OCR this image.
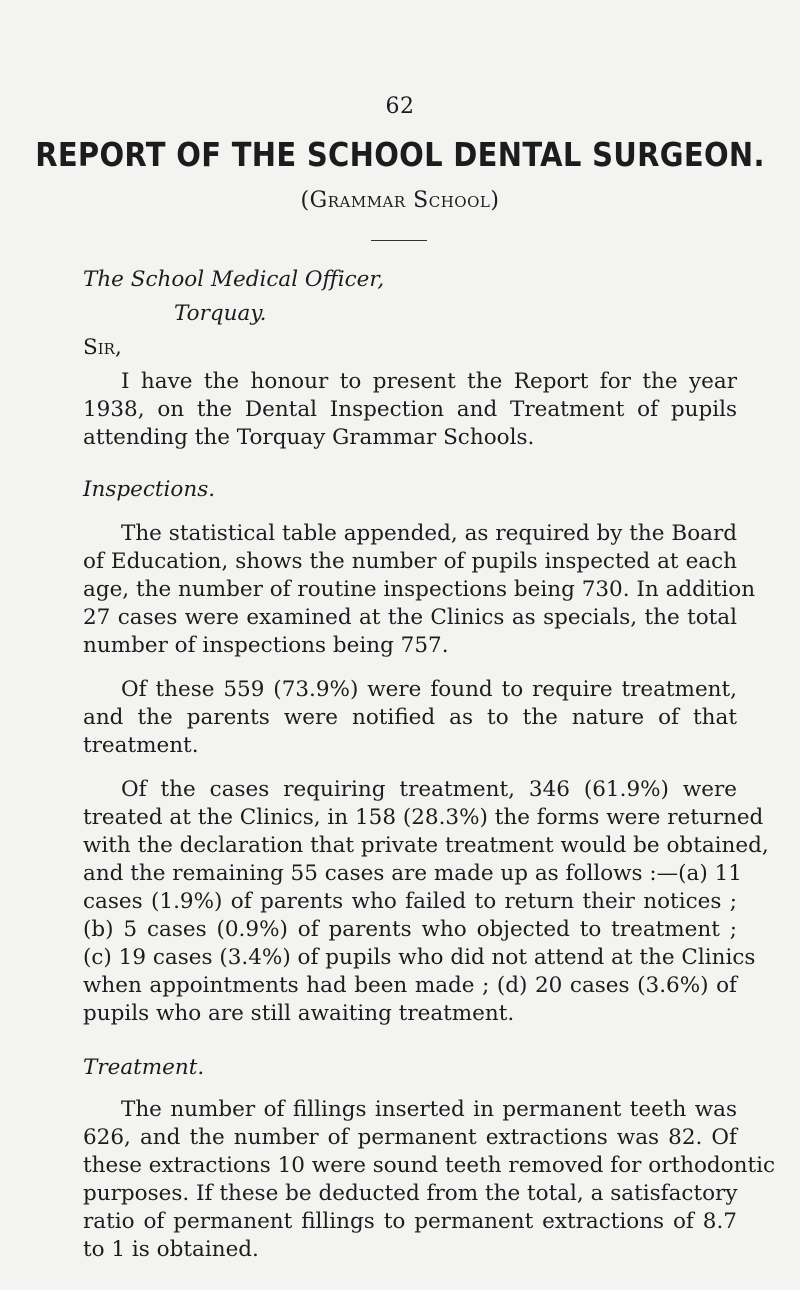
62
REPORT OF THE SCHOOL DENTAL SURGEON.
(Grammar School)
The School Medical Officer,
Torquay.
Sir,
I have the honour to present the Report for the year
1938, on the Dental Inspection and Treatment of pupils
attending the Torquay Grammar Schools.
Inspections.
The statistical table appended, as required by the Board
of Education, shows the number of pupils inspected at each
age, the number of routine inspections being 730. In addition
27 cases were examined at the Clinics as specials, the total
number of inspections being 757.
Of these 559 (73.9%) were found to require treatment,
and the parents were notified as to the nature of that
treatment.
Of the cases requiring treatment, 346 (61.9%) were
treated at the Clinics, in 158 (28.3%) the forms were returned
with the declaration that private treatment would be obtained,
and the remaining 55 cases are made up as follows :—(a) 11
cases (1.9%) of parents who failed to return their notices ;
(b) 5 cases (0.9%) of parents who objected to treatment ;
(c) 19 cases (3.4%) of pupils who did not attend at the Clinics
when appointments had been made ; (d) 20 cases (3.6%) of
pupils who are still awaiting treatment.
Treatment.
The number of fillings inserted in permanent teeth was
626, and the number of permanent extractions was 82. Of
these extractions 10 were sound teeth removed for orthodontic
purposes. If these be deducted from the total, a satisfactory
ratio of permanent fillings to permanent extractions of 8.7
to 1 is obtained.
